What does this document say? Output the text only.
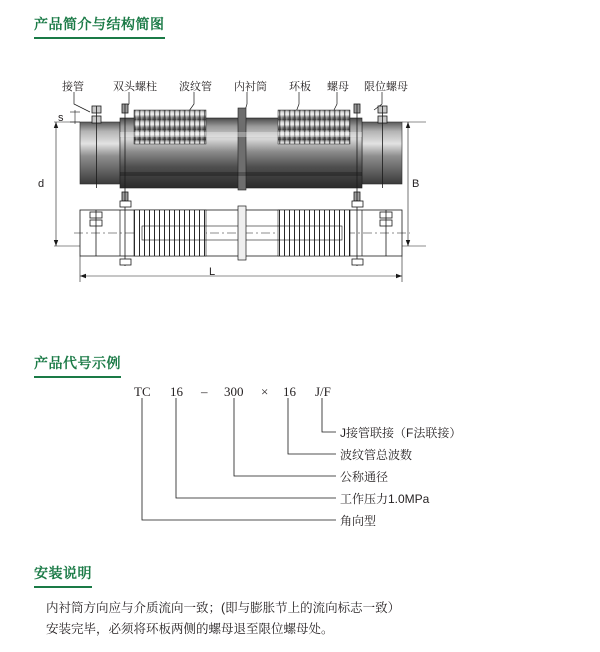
产品简介与结构简图
接管	双头螺柱 波纹管 内衬筒 环板 螺母 限位螺母
s
d	B
L
产品代号示例
TC 16 – 300 × 16 J/F
J接管联接（F法联接）
波纹管总波数
公称通径
工作压力1.0MPa
角向型
安装说明
内衬筒方向应与介质流向一致；(即与膨胀节上的流向标志一致）
安装完毕，必须将环板两侧的螺母退至限位螺母处。
